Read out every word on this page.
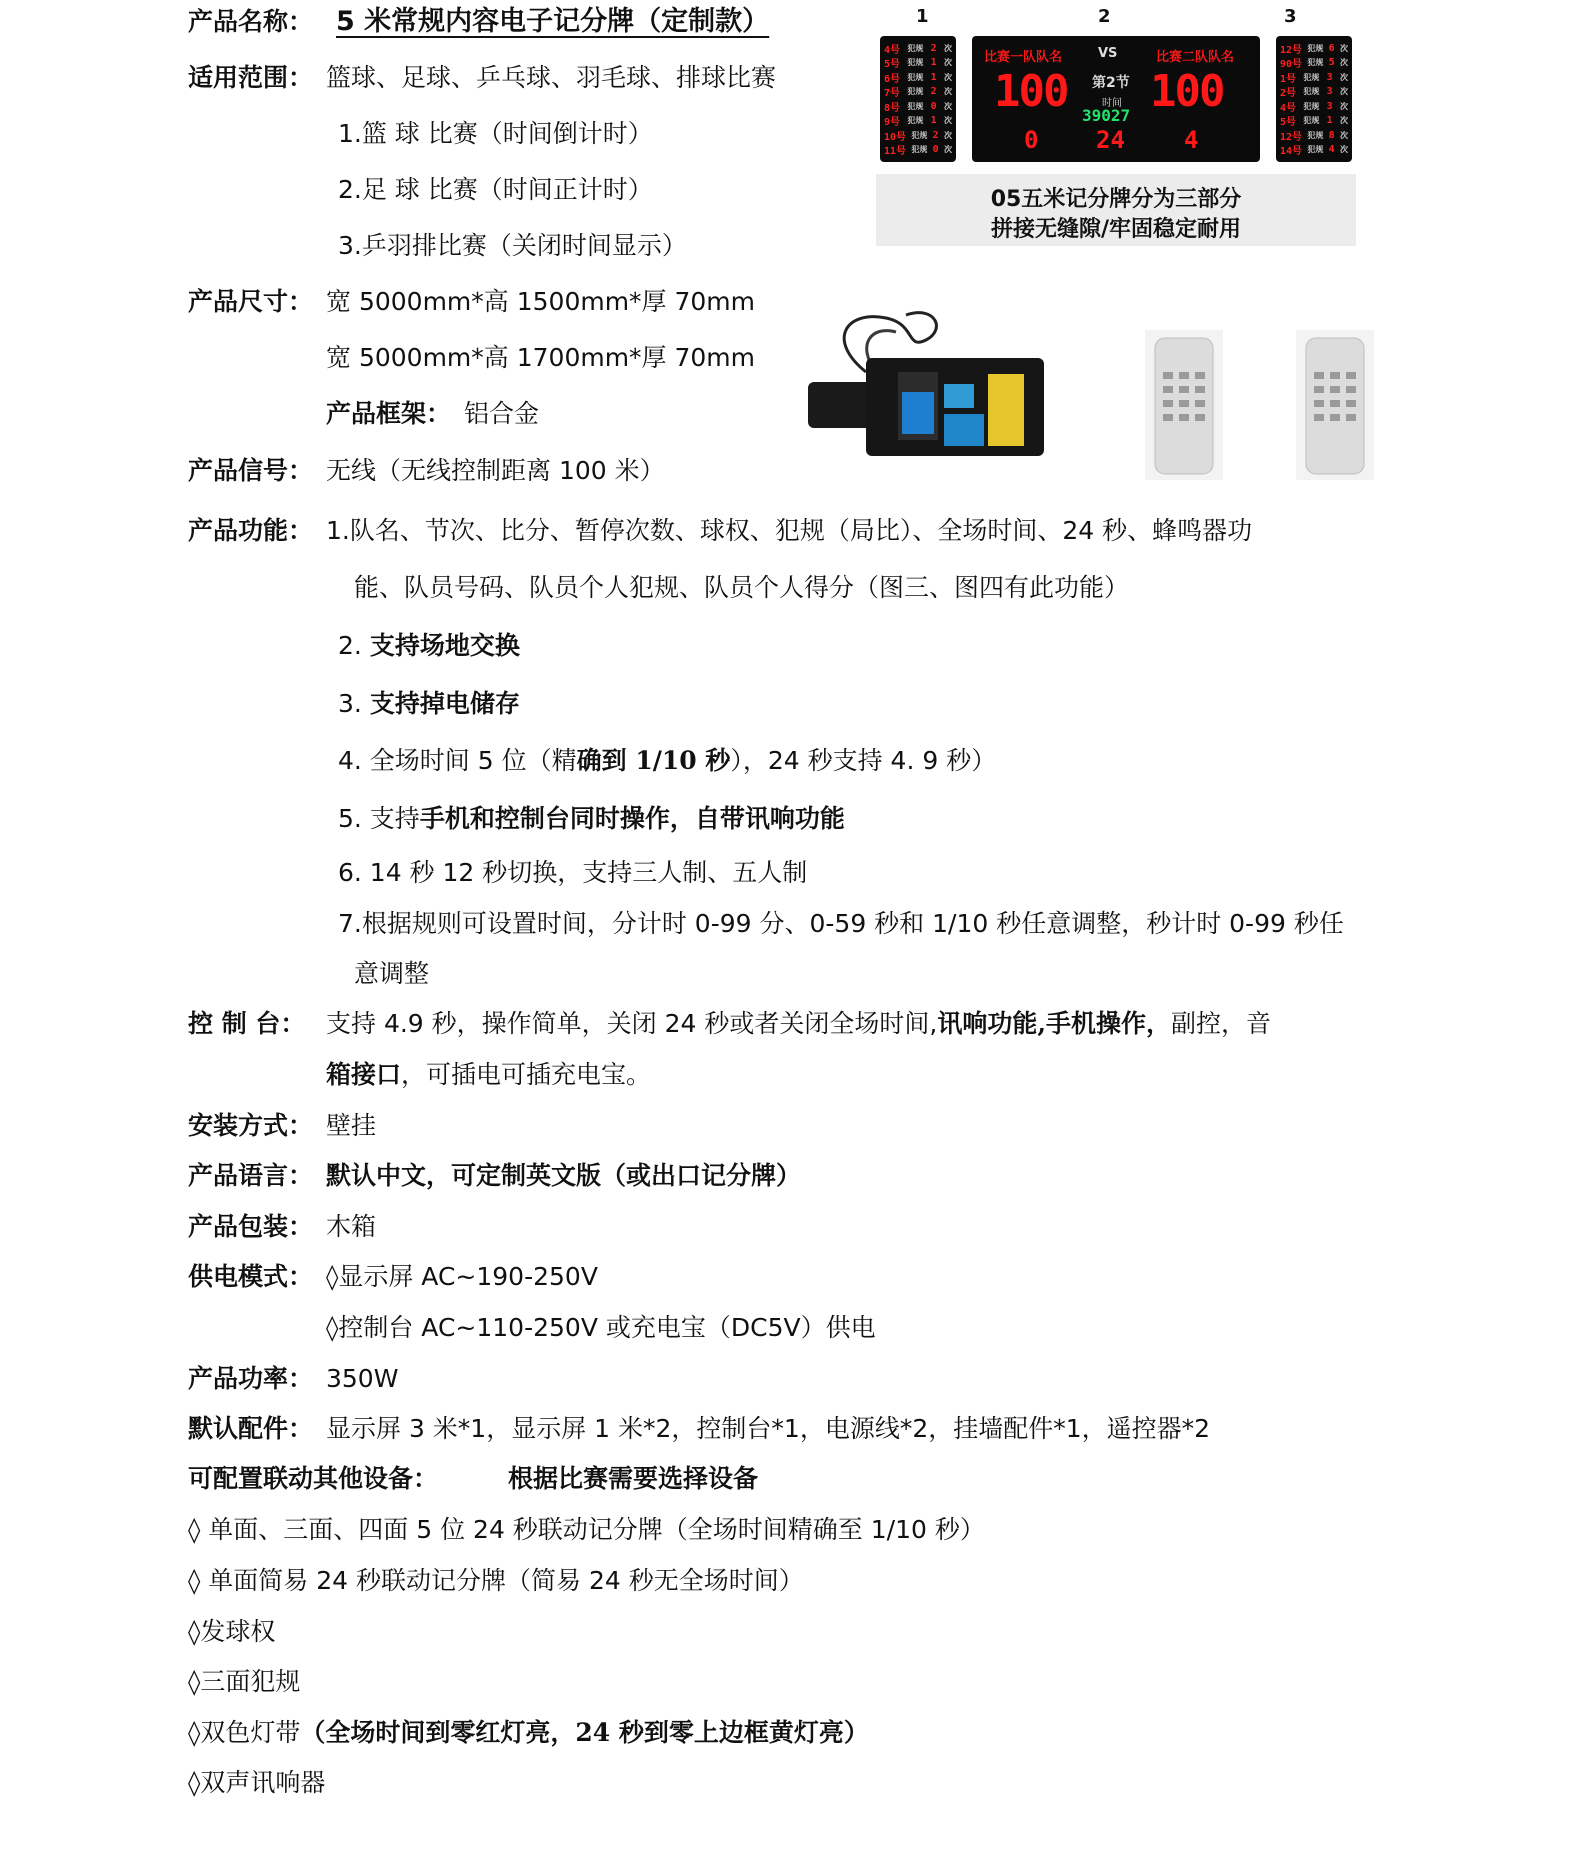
产品名称： 5 米常规内容电子记分牌（定制款）
适用范围： 篮球、足球、乒乓球、羽毛球、排球比赛
1.篮 球 比赛（时间倒计时）
2.足 球 比赛（时间正计时）
3.乒羽排比赛（关闭时间显示）
产品尺寸： 宽 5000mm*高 1500mm*厚 70mm
宽 5000mm*高 1700mm*厚 70mm
产品框架： 铝合金
产品信号： 无线（无线控制距离 100 米）
产品功能： 1.队名、节次、比分、暂停次数、球权、犯规（局比）、全场时间、24 秒、蜂鸣器功
能、队员号码、队员个人犯规、队员个人得分（图三、图四有此功能）
2. 支持场地交换
3. 支持掉电储存
4. 全场时间 5 位（精确到 1/10 秒），24 秒支持 4. 9 秒）
5. 支持手机和控制台同时操作，自带讯响功能
6. 14 秒 12 秒切换，支持三人制、五人制
7.根据规则可设置时间，分计时 0-99 分、0-59 秒和 1/10 秒任意调整，秒计时 0-99 秒任
意调整
控 制 台： 支持 4.9 秒，操作简单，关闭 24 秒或者关闭全场时间,讯响功能,手机操作，副控，音
箱接口，可插电可插充电宝。
安装方式： 壁挂
产品语言： 默认中文，可定制英文版（或出口记分牌）
产品包装： 木箱
供电模式： ◊显示屏 AC~190-250V
◊控制台 AC~110-250V 或充电宝（DC5V）供电
产品功率： 350W
默认配件： 显示屏 3 米*1，显示屏 1 米*2，控制台*1，电源线*2，挂墙配件*1，遥控器*2
可配置联动其他设备：	根据比赛需要选择设备
◊ 单面、三面、四面 5 位 24 秒联动记分牌（全场时间精确至 1/10 秒）
◊ 单面简易 24 秒联动记分牌（简易 24 秒无全场时间）
◊发球权
◊三面犯规
◊双色灯带（全场时间到零红灯亮，24 秒到零上边框黄灯亮）
◊双声讯响器
1	2	3
4号 犯规 2 次
5号 犯规 1 次
6号 犯规 1 次
7号 犯规 2 次
8号 犯规 0 次
9号 犯规 1 次
10号 犯规 2 次
11号 犯规 0 次
比赛一队队名	VS	比赛二队队名
100 100
第2节
时间
39027
24
0	4
12号 犯规 6 次
90号 犯规 5 次
1号 犯规 3 次
2号 犯规 3 次
4号 犯规 3 次
5号 犯规 1 次
12号 犯规 8 次
14号 犯规 4 次
05五米记分牌分为三部分
拼接无缝隙/牢固稳定耐用
